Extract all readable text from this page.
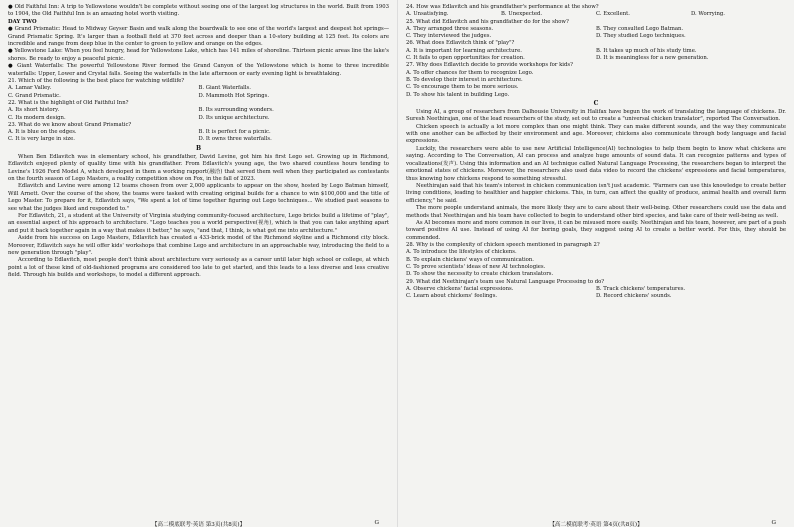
● Old Faithful Inn: A trip to Yellowstone wouldn't be complete without seeing one of the largest log structures in the world. Built from 1903 to 1904, the Old Faithful Inn is an amazing hotel worth visiting.

DAY TWO

● Grand Prismatic: Head to Midway Geyser Basin and walk along the boardwalk to see one of the world's largest and deepest hot springs—Grand Prismatic Spring. It's larger than a football field at 370 feet across and deeper than a 10-story building at 125 feet. Its colors are incredible and range from deep blue in the center to green to yellow and orange on the edges.

● Yellowstone Lake: When you feel hungry, head for Yellowstone Lake, which has 141 miles of shoreline. Thirteen picnic areas line the lake's shores. Be ready to enjoy a peaceful picnic.

● Giant Waterfalls: The powerful Yellowstone River formed the Grand Canyon of the Yellowstone which is home to three incredible waterfalls: Upper, Lower and Crystal falls. Seeing the waterfalls in the late afternoon or early evening light is breathtaking.

21. Which of the following is the best place for watching wildlife?

A. Lamar Valley.	B. Giant Waterfalls.
C. Grand Prismatic.	D. Mammoth Hot Springs.

22. What is the highlight of Old Faithful Inn?

A. Its short history.	B. Its surrounding wonders.
C. Its modern design.	D. Its unique architecture.

23. What do we know about Grand Prismatic?

A. It is blue on the edges.	B. It is perfect for a picnic.
C. It is very large in size.	D. It owns three waterfalls.
B

When Ben Edlavitch was in elementary school, his grandfather, David Levine, got him his first Lego set. Growing up in Richmond, Edlavitch enjoyed plenty of quality time with his grandfather. From Edlavitch's young age, the two shared countless hours tending to Levine's 1926 Ford Model A, which developed in them a working rapport(融洽) that served them well when they participated as contestants on the fourth season of Lego Masters, a reality competition show on Fox, in the fall of 2023.

Edlavitch and Levine were among 12 teams chosen from over 2,000 applicants to appear on the show, hosted by Lego Batman himself, Will Arnett. Over the course of the show, the teams were tasked with creating original builds for a chance to win $100,000 and the title of Lego Master. To prepare for it, Edlavitch says, "We spent a lot of time together figuring out Lego techniques... We studied past seasons to see what the judges liked and responded to."

For Edlavitch, 21, a student at the University of Virginia studying community-focused architecture, Lego bricks build a lifetime of "play", an essential aspect of his approach to architecture. "Lego teaches you a world perspective(视角), which is that you can take anything apart and put it back together again in a way that makes it better," he says, "and that, I think, is what got me into architecture."

Aside from his success on Lego Masters, Edlavitch has created a 433-brick model of the Richmond skyline and a Richmond city block. Moreover, Edlavitch says he will offer kids' workshops that combine Lego and architecture in an approachable way, introducing the field to a new generation through "play".

According to Edlavitch, most people don't think about architecture very seriously as a career until later high school or college, at which point a lot of these kind of old-fashioned programs are considered too late to get started, and this leads to a less diverse and less creative field. Through his builds and workshops, to model a different approach.

【高二模底联考·英语 第3页(共8页)】	G

24. How was Edlavitch and his grandfather's performance at the show?

A. Unsatisfying.	B. Unexpected.	C. Excellent.	D. Worrying.

25. What did Edlavitch and his grandfather do for the show?

A. They arranged three seasons.	B. They consulted Lego Batman.
C. They interviewed the judges.	D. They studied Lego techniques.

26. What does Edlavitch think of "play"?

A. It is important for learning architecture.	B. It takes up much of his study time.
C. It fails to open opportunities for creation.	D. It is meaningless for a new generation.

27. Why does Edlavitch decide to provide workshops for kids?

A. To offer chances for them to recognize Lego.
B. To develop their interest in architecture.
C. To encourage them to be more serious.
D. To show his talent in building Lego.
C

Using AI, a group of researchers from Dalhousie University in Halifax have begun the work of translating the language of chickens. Dr. Suresh Neethirajan, one of the lead researchers of the study, set out to create a "universal chicken translator", reported The Conversation.

Chicken speech is actually a lot more complex than one might think. They can make different sounds, and the way they communicate with one another can be affected by their environment and age. Moreover, chickens also communicate through body language and facial expressions.

Luckily, the researchers were able to use new Artificial Intelligence(AI) technologies to help them begin to know what chickens are saying. According to The Conversation, AI can process and analyze huge amounts of sound data. It can recognize patterns and types of vocalizations(发声). Using this information and an AI technique called Natural Language Processing, the researchers began to interpret the emotional states of chickens. Moreover, the researchers also used data video to record the chickens' expressions and facial temperatures, thus knowing how chickens respond to something stressful.

Neethirajan said that his team's interest in chicken communication isn't just academic. "Farmers can use this knowledge to create better living conditions, leading to healthier and happier chickens. This, in turn, can affect the quality of produce, animal health and overall farm efficiency," he said.

The more people understand animals, the more likely they are to care about their well-being. Other researchers could use the data and methods that Neethirajan and his team have collected to begin to understand other bird species, and take care of their well-being as well.

As AI becomes more and more common in our lives, it can be misused more easily. Neethirajan and his team, however, are part of a push toward positive AI use. Instead of using AI for boring goals, they suggest using AI to create a better world. For this, they should be commended.

28. Why is the complexity of chicken speech mentioned in paragraph 2?

A. To introduce the lifestyles of chickens.
B. To explain chickens' ways of communication.
C. To prove scientists' ideas of new AI technologies.
D. To show the necessity to create chicken translators.

29. What did Neethirajan's team use Natural Language Processing to do?

A. Observe chickens' facial expressions.	B. Track chickens' temperatures.
C. Learn about chickens' feelings.	D. Record chickens' sounds.
【高二模底联考·英语 第4页(共8页)】	G
